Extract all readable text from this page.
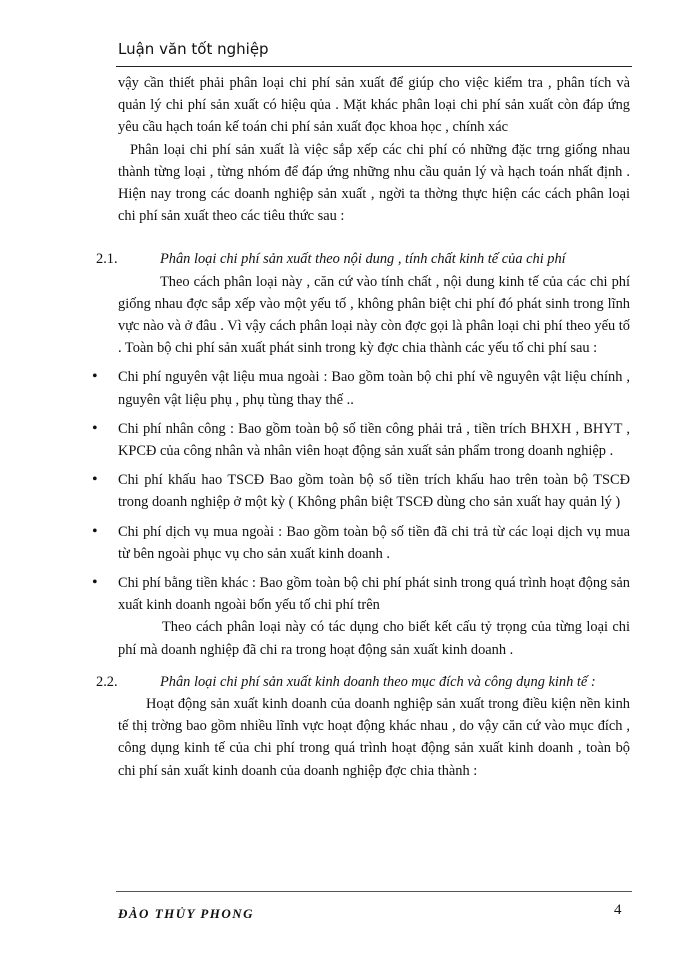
Luận văn tốt nghiệp

vậy cần thiết phải phân loại chi phí sản xuất để giúp cho việc kiểm tra , phân tích và quản lý chi phí sản xuất có hiệu qủa . Mặt khác phân loại chi phí sản xuất còn đáp ứng yêu cầu hạch toán kế toán chi phí sản xuất đọc khoa học , chính xác

Phân loại chi phí sản xuất là việc sắp xếp các chi phí có những đặc trng giống nhau thành từng loại , từng nhóm để đáp ứng những nhu cầu quản lý và hạch toán nhất định . Hiện nay trong các doanh nghiệp sản xuất , ngời ta thờng thực hiện các cách phân loại chi phí sản xuất theo các tiêu thức sau :

2.1.	Phân loại chi phí sản xuất theo nội dung , tính chất kinh tế của chi phí

Theo cách phân loại này , căn cứ vào tính chất , nội dung kinh tế của các chi phí giống nhau đợc sắp xếp vào một yếu tố , không phân biệt chi phí đó phát sinh trong lĩnh vực nào và ở đâu . Vì vậy cách phân loại này còn đợc gọi là phân loại chi phí theo yếu tố . Toàn bộ chi phí sản xuất phát sinh trong kỳ đợc chia thành các yếu tố chi phí sau :

• Chi phí nguyên vật liệu mua ngoài : Bao gồm toàn bộ chi phí về nguyên vật liệu chính , nguyên vật liệu phụ , phụ tùng thay thế ..
• Chi phí nhân công : Bao gồm toàn bộ số tiền công phải trả , tiền trích BHXH , BHYT , KPCĐ của công nhân và nhân viên hoạt động sản xuất sản phẩm trong doanh nghiệp .
• Chi phí khấu hao TSCĐ Bao gồm toàn bộ số tiền trích khấu hao trên toàn bộ TSCĐ trong doanh nghiệp ở một kỳ ( Không phân biệt TSCĐ dùng cho sản xuất hay quản lý )
• Chi phí dịch vụ mua ngoài : Bao gồm toàn bộ số tiền đã chi trả từ các loại dịch vụ mua từ bên ngoài phục vụ cho sản xuất kinh doanh .
• Chi phí bằng tiền khác : Bao gồm toàn bộ chi phí phát sinh trong quá trình hoạt động sản xuất kinh doanh ngoài bốn yếu tố chi phí trên

Theo cách phân loại này có tác dụng cho biết kết cấu tỷ trọng của từng loại chi phí mà doanh nghiệp đã chi ra trong hoạt động sản xuất kinh doanh .

2.2.	Phân loại chi phí sản xuất kinh doanh theo mục đích và công dụng kinh tế :

Hoạt động sản xuất kinh doanh của doanh nghiệp sản xuất trong điều kiện nền kinh tế thị trờng bao gồm nhiều lĩnh vực hoạt động khác nhau , do vậy căn cứ vào mục đích , công dụng kinh tế của chi phí trong quá trình hoạt động sản xuất kinh doanh , toàn bộ chi phí sản xuất kinh doanh của doanh nghiệp đợc chia thành :

ĐÀO THỦY PHONG	4
